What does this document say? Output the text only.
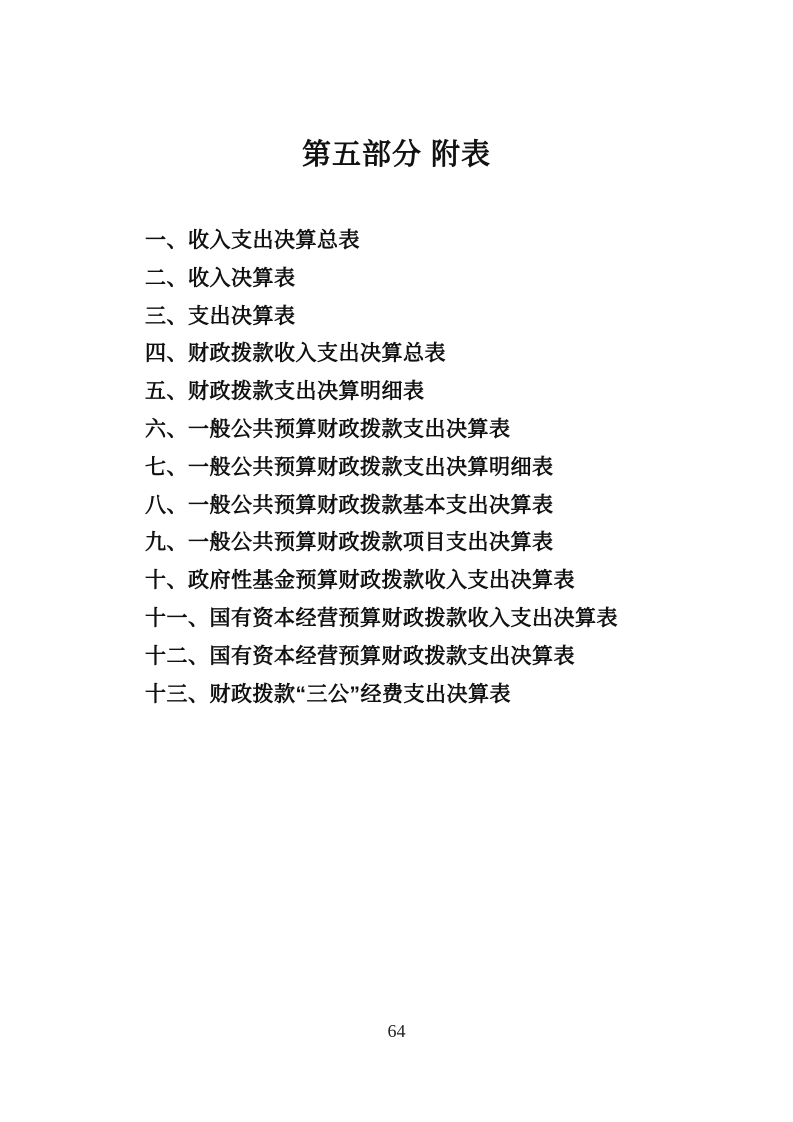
第五部分 附表
一、收入支出决算总表
二、收入决算表
三、支出决算表
四、财政拨款收入支出决算总表
五、财政拨款支出决算明细表
六、一般公共预算财政拨款支出决算表
七、一般公共预算财政拨款支出决算明细表
八、一般公共预算财政拨款基本支出决算表
九、一般公共预算财政拨款项目支出决算表
十、政府性基金预算财政拨款收入支出决算表
十一、国有资本经营预算财政拨款收入支出决算表
十二、国有资本经营预算财政拨款支出决算表
十三、财政拨款“三公”经费支出决算表
64
